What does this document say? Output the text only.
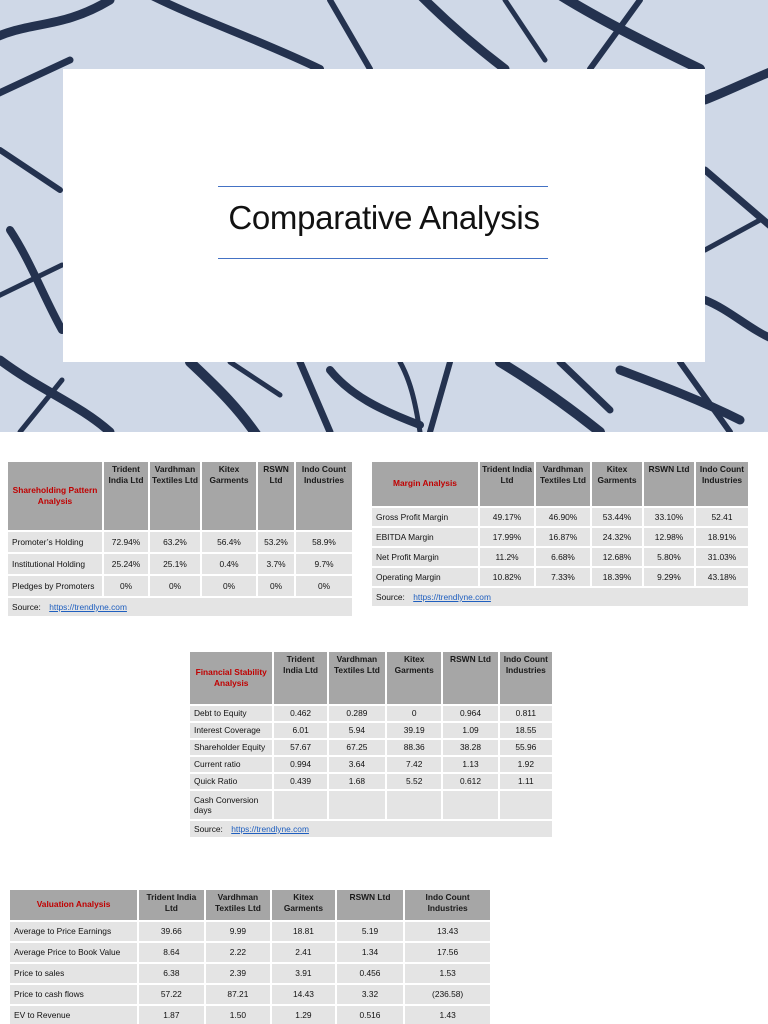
Comparative Analysis
Shareholding Pattern Analysis	Trident India Ltd	Vardhman Textiles Ltd	Kitex Garments	RSWN Ltd	Indo Count Industries
Promoter’s Holding	72.94%	63.2%	56.4%	53.2%	58.9%
Institutional Holding	25.24%	25.1%	0.4%	3.7%	9.7%
Pledges by Promoters	0%	0%	0%	0%	0%
Source: https://trendlyne.com					
Margin Analysis	Trident India Ltd	Vardhman Textiles Ltd	Kitex Garments	RSWN Ltd	Indo Count Industries
Gross Profit Margin	49.17%	46.90%	53.44%	33.10%	52.41
EBITDA Margin	17.99%	16.87%	24.32%	12.98%	18.91%
Net Profit Margin	11.2%	6.68%	12.68%	5.80%	31.03%
Operating Margin	10.82%	7.33%	18.39%	9.29%	43.18%
Source: https://trendlyne.com					
Financial Stability Analysis	Trident India Ltd	Vardhman Textiles Ltd	Kitex Garments	RSWN Ltd	Indo Count Industries
Debt to Equity	0.462	0.289	0	0.964	0.811
Interest Coverage	6.01	5.94	39.19	1.09	18.55
Shareholder Equity	57.67	67.25	88.36	38.28	55.96
Current ratio	0.994	3.64	7.42	1.13	1.92
Quick Ratio	0.439	1.68	5.52	0.612	1.11
Cash Conversion days					
Source: https://trendlyne.com					
Valuation Analysis	Trident India Ltd	Vardhman Textiles Ltd	Kitex Garments	RSWN Ltd	Indo Count Industries
Average to Price Earnings	39.66	9.99	18.81	5.19	13.43
Average Price to Book Value	8.64	2.22	2.41	1.34	17.56
Price to sales	6.38	2.39	3.91	0.456	1.53
Price to cash flows	57.22	87.21	14.43	3.32	(236.58)
EV to Revenue	1.87	1.50	1.29	0.516	1.43
